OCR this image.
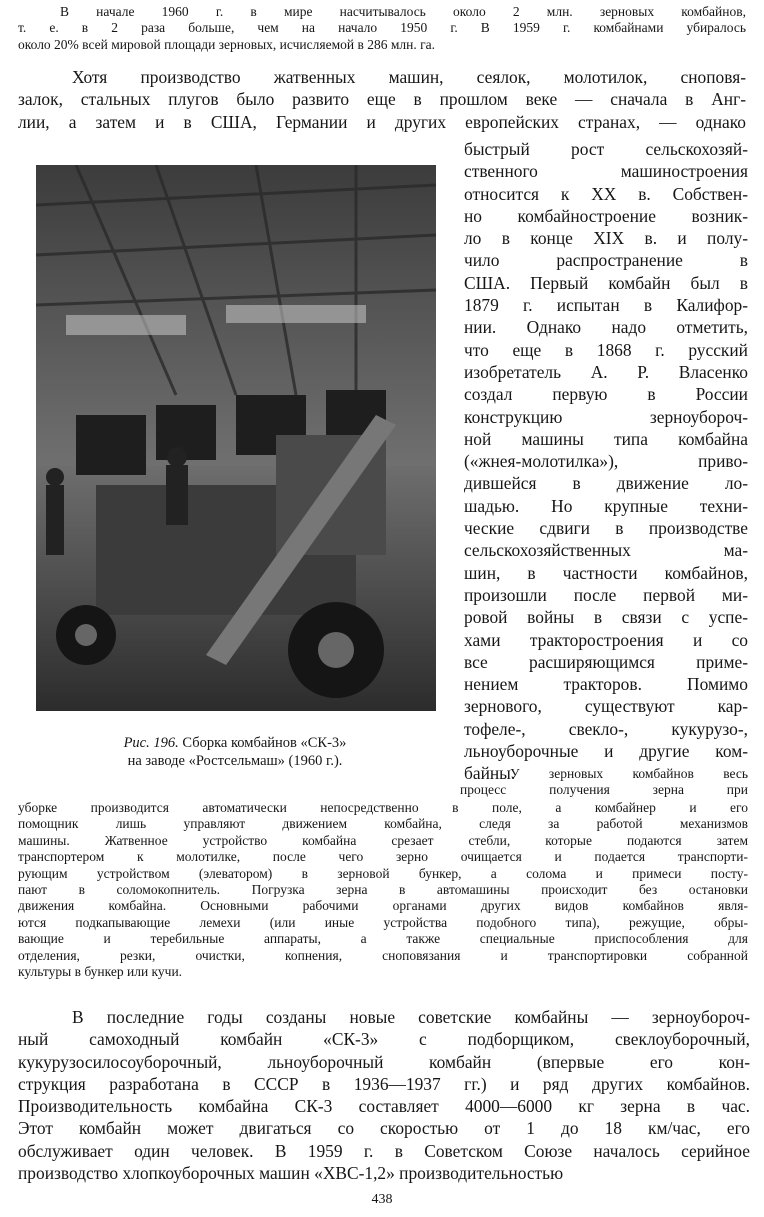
В начале 1960 г. в мире насчитывалось около 2 млн. зерновых комбайнов,
т. е. в 2 раза больше, чем на начало 1950 г. В 1959 г. комбайнами убиралось
около 20% всей мировой площади зерновых, исчисляемой в 286 млн. га.
Хотя производство жатвенных машин, сеялок, молотилок, сноповя-
залок, стальных плугов было развито еще в прошлом веке — сначала в Анг-
лии, а затем и в США, Германии и других европейских странах, — однако
быстрый рост сельскохозяй-
ственного машиностроения
относится к XX в. Собствен-
но комбайностроение возник-
ло в конце XIX в. и полу-
чило распространение в
США. Первый комбайн был в
1879 г. испытан в Калифор-
нии. Однако надо отметить,
что еще в 1868 г. русский
изобретатель А. Р. Власенко
создал первую в России
конструкцию зерноубороч-
ной машины типа комбайна
(«жнея-молотилка»), приво-
дившейся в движение ло-
шадью. Но крупные техни-
ческие сдвиги в производстве
сельскохозяйственных ма-
шин, в частности комбайнов,
произошли после первой ми-
ровой войны в связи с успе-
хами тракторостроения и со
все расширяющимся приме-
нением тракторов. Помимо
зернового, существуют кар-
тофеле-, свекло-, кукурузо-,
льноуборочные и другие ком-
байны.
Рис. 196. Сборка комбайнов «СК-3»
на заводе «Ростсельмаш» (1960 г.).
У зерновых комбайнов весь
процесс получения зерна при
уборке производится автоматически непосредственно в поле, а комбайнер и его
помощник лишь управляют движением комбайна, следя за работой механизмов
машины. Жатвенное устройство комбайна срезает стебли, которые подаются затем
транспортером к молотилке, после чего зерно очищается и подается транспорти-
рующим устройством (элеватором) в зерновой бункер, а солома и примеси посту-
пают в соломокопнитель. Погрузка зерна в автомашины происходит без остановки
движения комбайна. Основными рабочими органами других видов комбайнов явля-
ются подкапывающие лемехи (или иные устройства подобного типа), режущие, обры-
вающие и теребильные аппараты, а также специальные приспособления для
отделения, резки, очистки, копнения, сноповязания и транспортировки собранной
культуры в бункер или кучи.
В последние годы созданы новые советские комбайны — зерноубороч-
ный самоходный комбайн «СК-3» с подборщиком, свеклоуборочный,
кукурузосилосоуборочный, льноуборочный комбайн (впервые его кон-
струкция разработана в СССР в 1936—1937 гг.) и ряд других комбайнов.
Производительность комбайна СК-3 составляет 4000—6000 кг зерна в час.
Этот комбайн может двигаться со скоростью от 1 до 18 км/час, его
обслуживает один человек. В 1959 г. в Советском Союзе началось серийное
производство хлопкоуборочных машин «ХВС-1,2» производительностью
438
